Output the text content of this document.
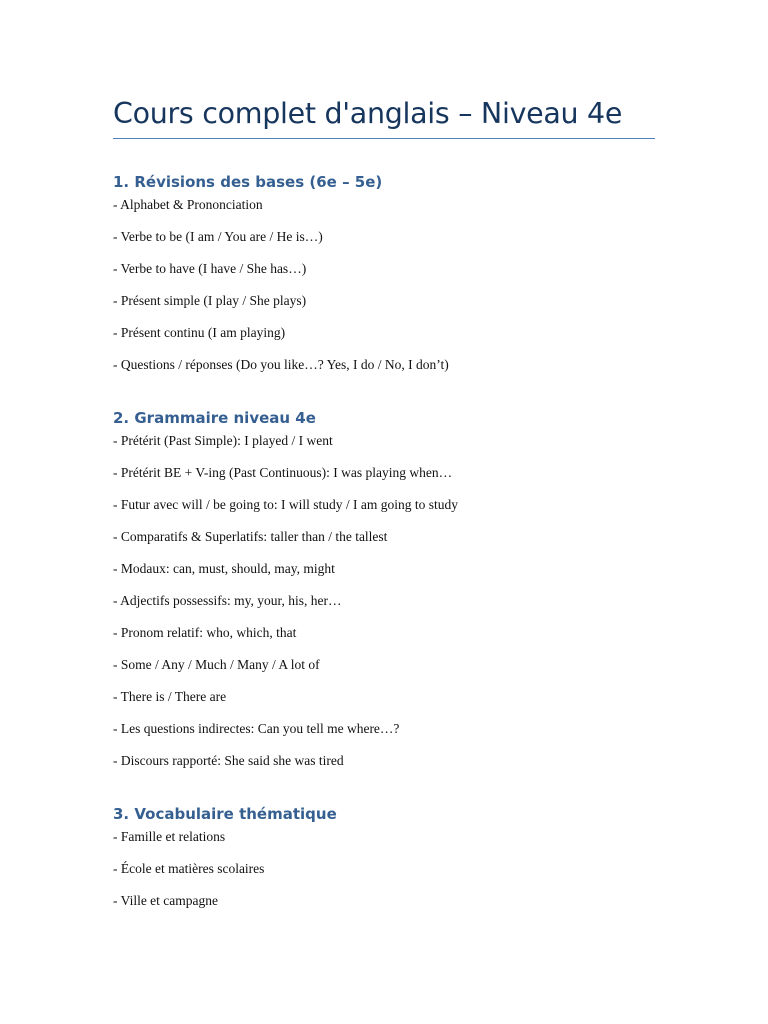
Cours complet d'anglais – Niveau 4e
1. Révisions des bases (6e – 5e)
- Alphabet & Prononciation
- Verbe to be (I am / You are / He is…)
- Verbe to have (I have / She has…)
- Présent simple (I play / She plays)
- Présent continu (I am playing)
- Questions / réponses (Do you like…? Yes, I do / No, I don’t)
2. Grammaire niveau 4e
- Prétérit (Past Simple): I played / I went
- Prétérit BE + V-ing (Past Continuous): I was playing when…
- Futur avec will / be going to: I will study / I am going to study
- Comparatifs & Superlatifs: taller than / the tallest
- Modaux: can, must, should, may, might
- Adjectifs possessifs: my, your, his, her…
- Pronom relatif: who, which, that
- Some / Any / Much / Many / A lot of
- There is / There are
- Les questions indirectes: Can you tell me where…?
- Discours rapporté: She said she was tired
3. Vocabulaire thématique
- Famille et relations
- École et matières scolaires
- Ville et campagne
